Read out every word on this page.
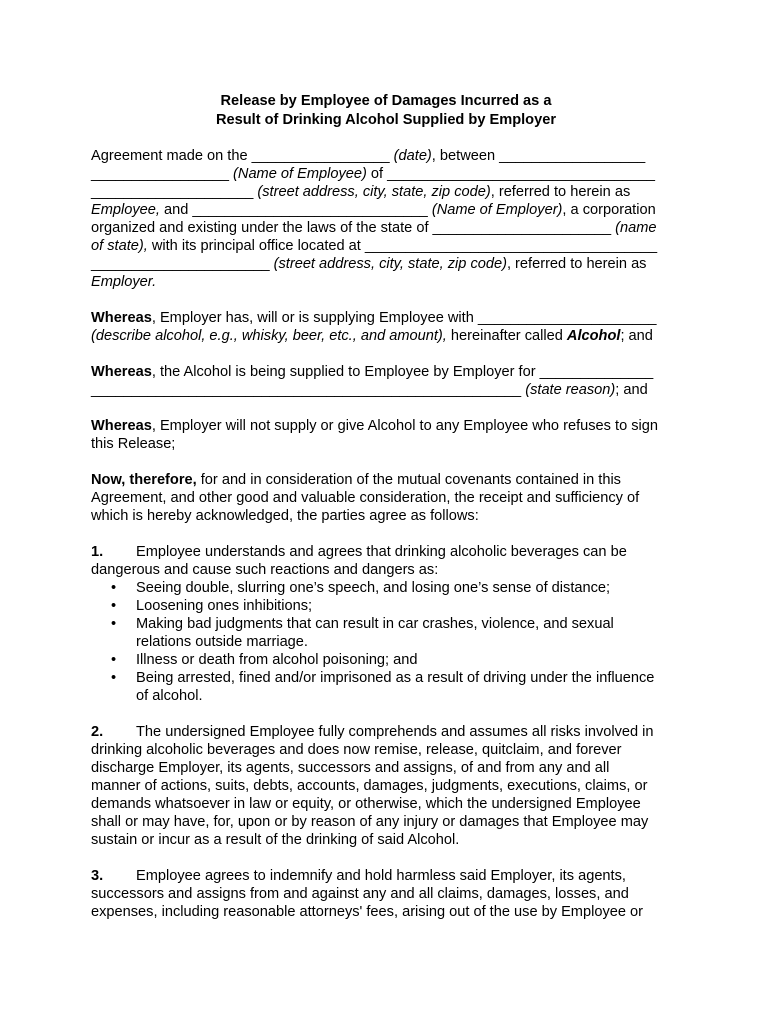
Release by Employee of Damages Incurred as a
Result of Drinking Alcohol Supplied by Employer

Agreement made on the _________________ (date), between __________________
_________________ (Name of Employee) of _________________________________
____________________ (street address, city, state, zip code), referred to herein as
Employee, and _____________________________ (Name of Employer), a corporation
organized and existing under the laws of the state of ______________________ (name
of state), with its principal office located at ____________________________________
______________________ (street address, city, state, zip code), referred to herein as
Employer.

Whereas, Employer has, will or is supplying Employee with ______________________
(describe alcohol, e.g., whisky, beer, etc., and amount), hereinafter called Alcohol; and

Whereas, the Alcohol is being supplied to Employee by Employer for ______________
_____________________________________________________ (state reason); and

Whereas, Employer will not supply or give Alcohol to any Employee who refuses to sign
this Release;

Now, therefore, for and in consideration of the mutual covenants contained in this
Agreement, and other good and valuable consideration, the receipt and sufficiency of
which is hereby acknowledged, the parties agree as follows:

1. Employee understands and agrees that drinking alcoholic beverages can be
dangerous and cause such reactions and dangers as:
•	Seeing double, slurring one’s speech, and losing one’s sense of distance;
•	Loosening ones inhibitions;
•	Making bad judgments that can result in car crashes, violence, and sexual
relations outside marriage.
•	Illness or death from alcohol poisoning; and
•	Being arrested, fined and/or imprisoned as a result of driving under the influence
of alcohol.
2. The undersigned Employee fully comprehends and assumes all risks involved in
drinking alcoholic beverages and does now remise, release, quitclaim, and forever
discharge Employer, its agents, successors and assigns, of and from any and all
manner of actions, suits, debts, accounts, damages, judgments, executions, claims, or
demands whatsoever in law or equity, or otherwise, which the undersigned Employee
shall or may have, for, upon or by reason of any injury or damages that Employee may
sustain or incur as a result of the drinking of said Alcohol.
3. Employee agrees to indemnify and hold harmless said Employer, its agents,
successors and assigns from and against any and all claims, damages, losses, and
expenses, including reasonable attorneys' fees, arising out of the use by Employee or
